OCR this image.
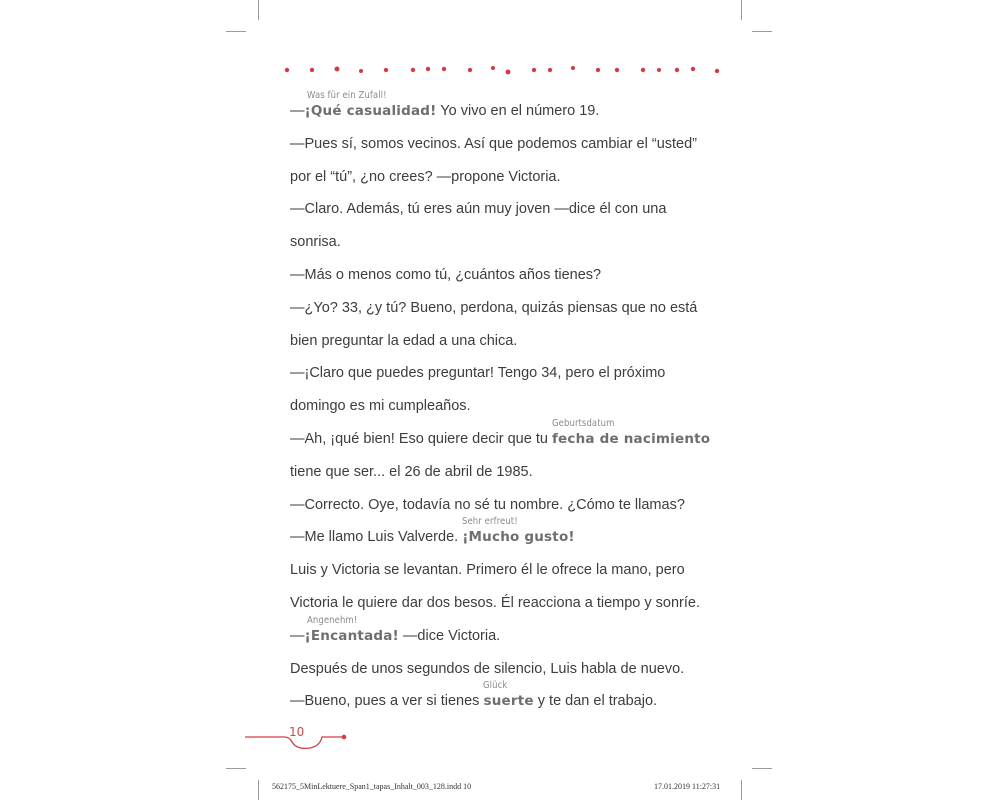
—¡Qué casualidad!
Was für ein Zufall!
Yo vivo en el número 19.
—Pues sí, somos vecinos. Así que podemos cambiar el “usted”
por el “tú”, ¿no crees? —propone Victoria.
—Claro. Además, tú eres aún muy joven —dice él con una
sonrisa.
—Más o menos como tú, ¿cuántos años tienes?
—¿Yo? 33, ¿y tú? Bueno, perdona, quizás piensas que no está
bien preguntar la edad a una chica.
—¡Claro que puedes preguntar! Tengo 34, pero el próximo
domingo es mi cumpleaños.
—Ah, ¡qué bien! Eso quiere decir que tu fecha de nacimiento
Geburtsdatum
tiene que ser... el 26 de abril de 1985.
—Correcto. Oye, todavía no sé tu nombre. ¿Cómo te llamas?
—Me llamo Luis Valverde. ¡Mucho gusto!
Sehr erfreut!
Luis y Victoria se levantan. Primero él le ofrece la mano, pero
Victoria le quiere dar dos besos. Él reacciona a tiempo y sonríe.
—¡Encantada!
Angenehm!
—dice Victoria.
Después de unos segundos de silencio, Luis habla de nuevo.
—Bueno, pues a ver si tienes suerte
Glück
y te dan el trabajo.
10
562175_5MinLektuere_Span1_tapas_Inhalt_003_128.indd 10	17.01.2019 11:27:31
